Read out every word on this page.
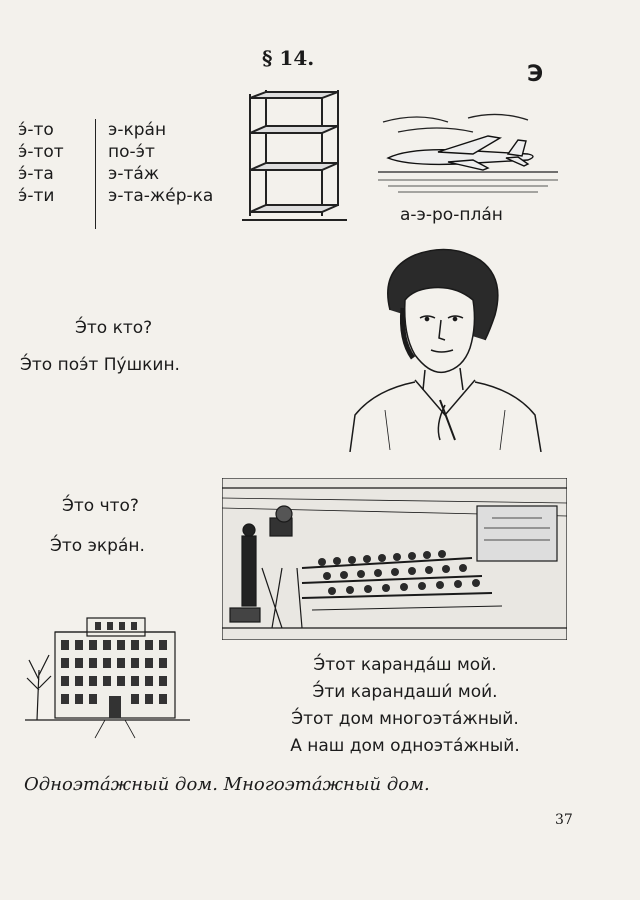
§ 14.
Э
э́-то
э́-тот
э́-та
э́-ти
э-кра́н
по-э́т
э-та́ж
э-та-же́р-ка
а-э-ро-пла́н
Э́то кто?
Э́то поэ́т Пу́шкин.
Э́то что?
Э́то экра́н.
Э́тот каранда́ш мой.
Э́ти карандаши́ мои́.
Э́тот дом многоэта́жный.
А наш дом одноэта́жный.
Одноэта́жный дом. Многоэта́жный дом.
37
